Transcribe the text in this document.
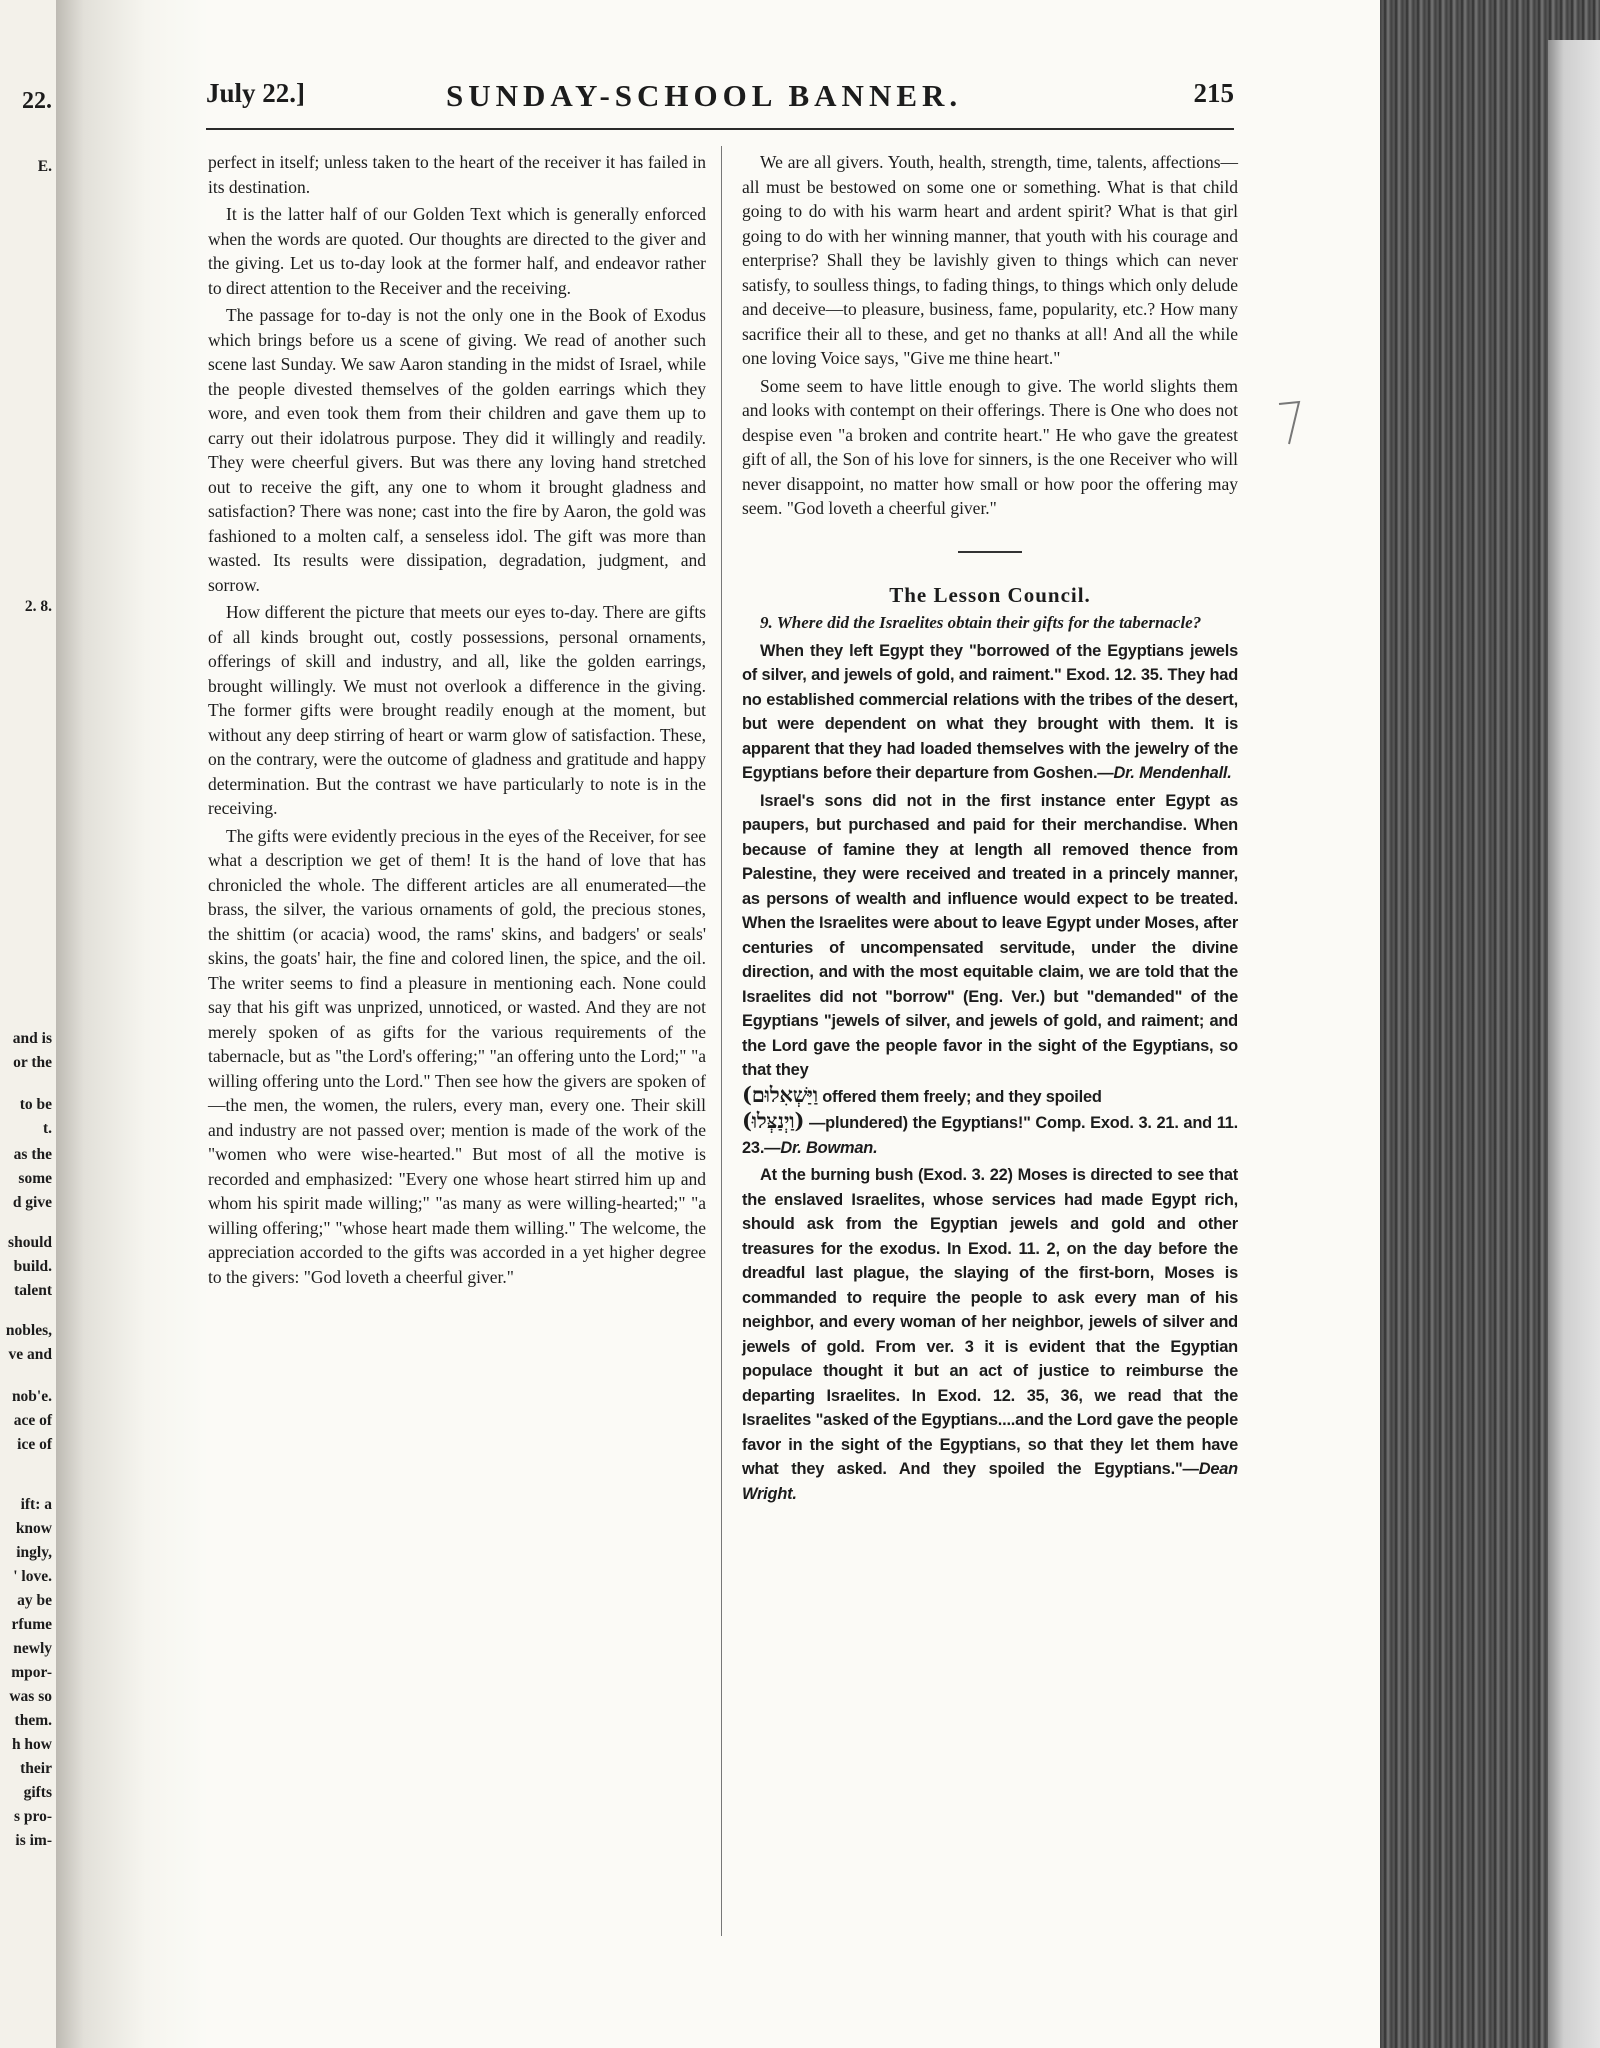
22.
E.
2. 8.
and is
or the
to be
t.
as the
some
d give
should
build.
talent
nobles,
ve and
nob'e.
ace of
ice of
ift: a
know
ingly,
' love.
ay be
rfume
newly
mpor-
was so
them.
h how
their
gifts
s pro-
is im-
July 22.]	SUNDAY-SCHOOL BANNER.	215

perfect in itself; unless taken to the heart of the receiver it has failed in its destination.

It is the latter half of our Golden Text which is generally enforced when the words are quoted. Our thoughts are directed to the giver and the giving. Let us to-day look at the former half, and endeavor rather to direct attention to the Receiver and the receiving.

The passage for to-day is not the only one in the Book of Exodus which brings before us a scene of giving. We read of another such scene last Sunday. We saw Aaron standing in the midst of Israel, while the people divested themselves of the golden earrings which they wore, and even took them from their children and gave them up to carry out their idolatrous purpose. They did it willingly and readily. They were cheerful givers. But was there any loving hand stretched out to receive the gift, any one to whom it brought gladness and satisfaction? There was none; cast into the fire by Aaron, the gold was fashioned to a molten calf, a senseless idol. The gift was more than wasted. Its results were dissipation, degradation, judgment, and sorrow.

How different the picture that meets our eyes to-day. There are gifts of all kinds brought out, costly possessions, personal ornaments, offerings of skill and industry, and all, like the golden earrings, brought willingly. We must not overlook a difference in the giving. The former gifts were brought readily enough at the moment, but without any deep stirring of heart or warm glow of satisfaction. These, on the contrary, were the outcome of gladness and gratitude and happy determination. But the contrast we have particularly to note is in the receiving.

The gifts were evidently precious in the eyes of the Receiver, for see what a description we get of them! It is the hand of love that has chronicled the whole. The different articles are all enumerated—the brass, the silver, the various ornaments of gold, the precious stones, the shittim (or acacia) wood, the rams' skins, and badgers' or seals' skins, the goats' hair, the fine and colored linen, the spice, and the oil. The writer seems to find a pleasure in mentioning each. None could say that his gift was unprized, unnoticed, or wasted. And they are not merely spoken of as gifts for the various requirements of the tabernacle, but as "the Lord's offering;" "an offering unto the Lord;" "a willing offering unto the Lord." Then see how the givers are spoken of—the men, the women, the rulers, every man, every one. Their skill and industry are not passed over; mention is made of the work of the "women who were wise-hearted." But most of all the motive is recorded and emphasized: "Every one whose heart stirred him up and whom his spirit made willing;" "as many as were willing-hearted;" "a willing offering;" "whose heart made them willing." The welcome, the appreciation accorded to the gifts was accorded in a yet higher degree to the givers: "God loveth a cheerful giver."

We are all givers. Youth, health, strength, time, talents, affections—all must be bestowed on some one or something. What is that child going to do with his warm heart and ardent spirit? What is that girl going to do with her winning manner, that youth with his courage and enterprise? Shall they be lavishly given to things which can never satisfy, to soulless things, to fading things, to things which only delude and deceive—to pleasure, business, fame, popularity, etc.? How many sacrifice their all to these, and get no thanks at all! And all the while one loving Voice says, "Give me thine heart."

Some seem to have little enough to give. The world slights them and looks with contempt on their offerings. There is One who does not despise even "a broken and contrite heart." He who gave the greatest gift of all, the Son of his love for sinners, is the one Receiver who will never disappoint, no matter how small or how poor the offering may seem. "God loveth a cheerful giver."

The Lesson Council.

9. Where did the Israelites obtain their gifts for the tabernacle?

When they left Egypt they "borrowed of the Egyptians jewels of silver, and jewels of gold, and raiment." Exod. 12. 35. They had no established commercial relations with the tribes of the desert, but were dependent on what they brought with them. It is apparent that they had loaded themselves with the jewelry of the Egyptians before their departure from Goshen.—Dr. Mendenhall.

Israel's sons did not in the first instance enter Egypt as paupers, but purchased and paid for their merchandise. When because of famine they at length all removed thence from Palestine, they were received and treated in a princely manner, as persons of wealth and influence would expect to be treated. When the Israelites were about to leave Egypt under Moses, after centuries of uncompensated servitude, under the divine direction, and with the most equitable claim, we are told that the Israelites did not "borrow" (Eng. Ver.) but "demanded" of the Egyptians "jewels of silver, and jewels of gold, and raiment; and the Lord gave the people favor in the sight of the Egyptians, so that they
(וַיַּשְׁאִלוּם offered them freely; and they spoiled
(וַיְנַצְּלוּ) —plundered) the Egyptians!" Comp. Exod. 3. 21. and 11. 23.—Dr. Bowman.

At the burning bush (Exod. 3. 22) Moses is directed to see that the enslaved Israelites, whose services had made Egypt rich, should ask from the Egyptian jewels and gold and other treasures for the exodus. In Exod. 11. 2, on the day before the dreadful last plague, the slaying of the first-born, Moses is commanded to require the people to ask every man of his neighbor, and every woman of her neighbor, jewels of silver and jewels of gold. From ver. 3 it is evident that the Egyptian populace thought it but an act of justice to reimburse the departing Israelites. In Exod. 12. 35, 36, we read that the Israelites "asked of the Egyptians....and the Lord gave the people favor in the sight of the Egyptians, so that they let them have what they asked. And they spoiled the Egyptians."—Dean Wright.
